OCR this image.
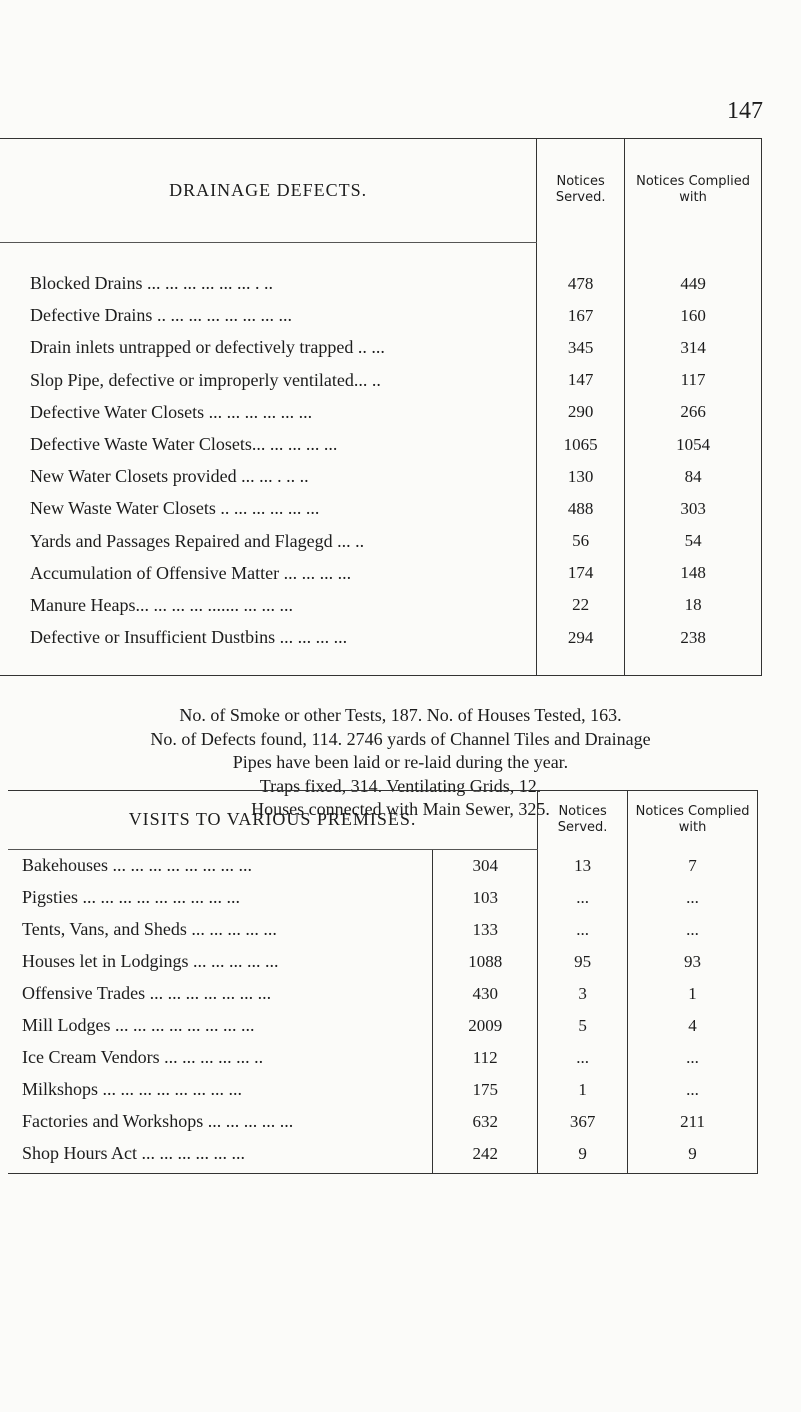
147
DRAINAGE DEFECTS.	Notices Served.	Notices Complied with

Blocked Drains ... ... ... ... ... ... . ..	478	449
Defective Drains .. ... ... ... ... ... ... ...	167	160
Drain inlets untrapped or defectively trapped .. ...	345	314
Slop Pipe, defective or improperly ventilated... ..	147	117
Defective Water Closets ... ... ... ... ... ...	290	266
Defective Waste Water Closets... ... ... ... ...	1065	1054
New Water Closets provided ... ... . .. ..	130	84
New Waste Water Closets .. ... ... ... ... ...	488	303
Yards and Passages Repaired and Flagegd ... ..	56	54
Accumulation of Offensive Matter ... ... ... ...	174	148
Manure Heaps... ... ... ... ....... ... ... ...	22	18
Defective or Insufficient Dustbins ... ... ... ...	294	238

No. of Smoke or other Tests, 187. No. of Houses Tested, 163.
No. of Defects found, 114. 2746 yards of Channel Tiles and Drainage
Pipes have been laid or re-laid during the year.
Traps fixed, 314. Ventilating Grids, 12.
Houses connected with Main Sewer, 325.
VISITS TO VARIOUS PREMISES.		Notices Served.	Notices Complied with

Bakehouses ... ... ... ... ... ... ... ...	304	13	7
Pigsties ... ... ... ... ... ... ... ... ...	103	...	...
Tents, Vans, and Sheds ... ... ... ... ...	133	...	...
Houses let in Lodgings ... ... ... ... ...	1088	95	93
Offensive Trades ... ... ... ... ... ... ...	430	3	1
Mill Lodges ... ... ... ... ... ... ... ...	2009	5	4
Ice Cream Vendors ... ... ... ... ... ..	112	...	...
Milkshops ... ... ... ... ... ... ... ...	175	1	...
Factories and Workshops ... ... ... ... ...	632	367	211
Shop Hours Act ... ... ... ... ... ...	242	9	9
